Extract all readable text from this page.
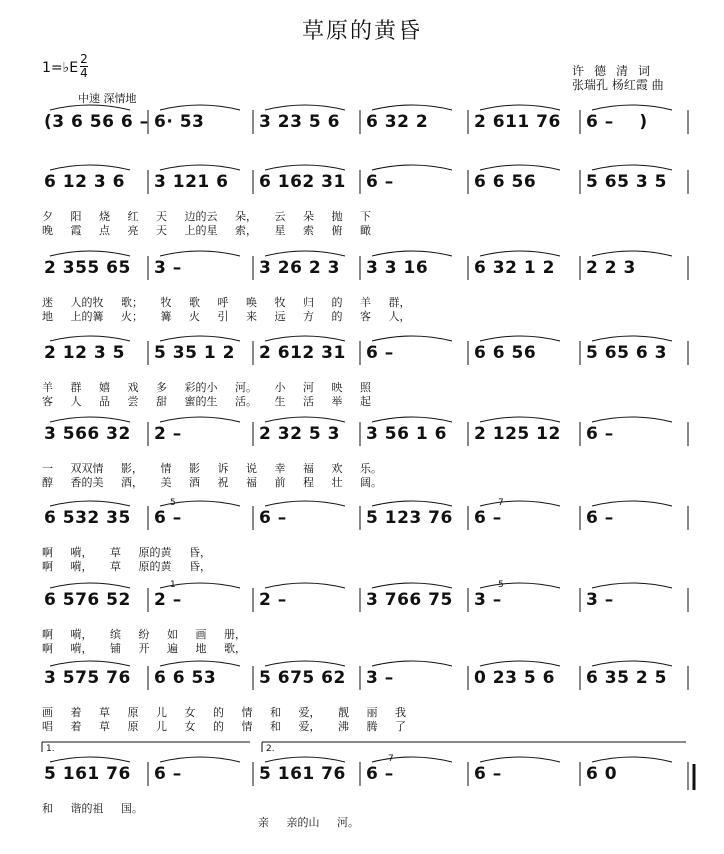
草原的黄昏
1=♭E
2
4
中速 深情地
许德清词
张瑞孔 杨红霞 曲
(3 6 56 6 – 6· 53	3 23 5 6 6 32 2	2 611 76 6 –    )
6 12 3 6 3 121 6 6 162 31 6 –	6 6 56	5 65 3 5
夕 阳 烧 红 天 边的云 朵， 云 朵 抛 下
晚 霞 点 亮 天 上的星 索， 星 索 俯 瞰
2 355 65 3 –	3 26 2 3 3 3 16	6 32 1 2 2 2 3
迷 人的牧 歌； 牧 歌 呼 唤 牧 归 的 羊 群，
地 上的篝 火； 篝 火 引 来 远 方 的 客 人，
2 12 3 5 5 35 1 2 2 612 31 6 –	6 6 56	5 65 6 3
羊 群 嬉 戏 多 彩的小 河。 小 河 映 照
客 人 品 尝 甜 蜜的生 活。 生 活 举 起
3 566 32 2 –	2 32 5 3 3 56 1 6 2 125 12 6 –
一 双双情 影， 情 影 诉 说 幸 福 欢 乐。
醇 香的美 酒， 美 酒 祝 福 前 程 壮 阔。
6 532 35 6 –	6 –	5 123 76 6 –	6 –
啊 嗬， 草 原的黄 昏，
啊 嗬， 草 原的黄 昏，
6 576 52 2 –	2 –	3 766 75 3 –	3 –
啊 嗬， 缤 纷 如 画 册，
啊 嗬， 铺 开 遍 地 歌，
3 575 76 6 6 53	5 675 62 3 –	0 23 5 6 6 35 2 5
画 着 草 原 儿 女 的 情 和 爱， 靓 丽 我
唱 着 草 原 儿 女 的 情 和 爱， 沸 腾 了
5 161 76 6 –	5 161 76 6 –	6 –	6 0
和 谐的祖 国。
亲 亲的山 河。
1.	2.
5	7
1	5
7
